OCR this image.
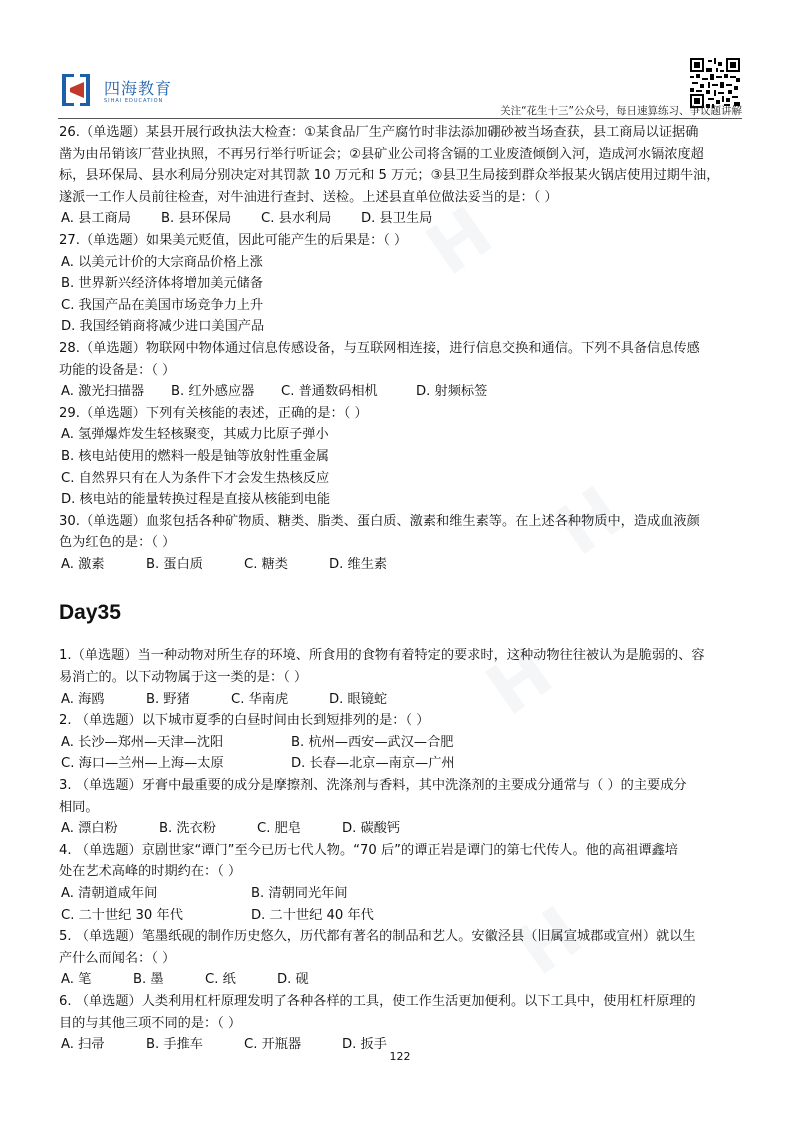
四海教育
SIHAI EDUCATION
关注“花生十三”公众号，每日速算练习、争议题讲解
H
H
H
H
26.（单选题）某县开展行政执法大检查：①某食品厂生产腐竹时非法添加硼砂被当场查获，县工商局以证据确
凿为由吊销该厂营业执照，不再另行举行听证会；②县矿业公司将含镉的工业废渣倾倒入河，造成河水镉浓度超
标，县环保局、县水利局分别决定对其罚款 10 万元和 5 万元；③县卫生局接到群众举报某火锅店使用过期牛油，
遂派一工作人员前往检查，对牛油进行查封、送检。上述县直单位做法妥当的是：（ ）
A. 县工商局	B. 县环保局	C. 县水利局	D. 县卫生局
27.（单选题）如果美元贬值，因此可能产生的后果是：（ ）
A. 以美元计价的大宗商品价格上涨
B. 世界新兴经济体将增加美元储备
C. 我国产品在美国市场竞争力上升
D. 我国经销商将减少进口美国产品
28.（单选题）物联网中物体通过信息传感设备，与互联网相连接，进行信息交换和通信。下列不具备信息传感
功能的设备是：（ ）
A. 激光扫描器	B. 红外感应器	C. 普通数码相机	D. 射频标签
29.（单选题）下列有关核能的表述，正确的是：（ ）
A. 氢弹爆炸发生轻核聚变，其威力比原子弹小
B. 核电站使用的燃料一般是铀等放射性重金属
C. 自然界只有在人为条件下才会发生热核反应
D. 核电站的能量转换过程是直接从核能到电能
30.（单选题）血浆包括各种矿物质、糖类、脂类、蛋白质、激素和维生素等。在上述各种物质中，造成血液颜
色为红色的是：（ ）
A. 激素	B. 蛋白质	C. 糖类	D. 维生素
Day35
1.（单选题）当一种动物对所生存的环境、所食用的食物有着特定的要求时，这种动物往往被认为是脆弱的、容
易消亡的。以下动物属于这一类的是：（ ）
A. 海鸥	B. 野猪	C. 华南虎	D. 眼镜蛇
2. （单选题）以下城市夏季的白昼时间由长到短排列的是：（ ）
A. 长沙—郑州—天津—沈阳	B. 杭州—西安—武汉—合肥
C. 海口—兰州—上海—太原	D. 长春—北京—南京—广州
3. （单选题）牙膏中最重要的成分是摩擦剂、洗涤剂与香料，其中洗涤剂的主要成分通常与（ ）的主要成分
相同。
A. 漂白粉	B. 洗衣粉	C. 肥皂	D. 碳酸钙
4. （单选题）京剧世家“谭门”至今已历七代人物。“70 后”的谭正岩是谭门的第七代传人。他的高祖谭鑫培
处在艺术高峰的时期约在：（ ）
A. 清朝道咸年间	B. 清朝同光年间
C. 二十世纪 30 年代	D. 二十世纪 40 年代
5. （单选题）笔墨纸砚的制作历史悠久，历代都有著名的制品和艺人。安徽泾县（旧属宣城郡或宣州）就以生
产什么而闻名：（ ）
A. 笔	B. 墨	C. 纸	D. 砚
6. （单选题）人类利用杠杆原理发明了各种各样的工具，使工作生活更加便利。以下工具中，使用杠杆原理的
目的与其他三项不同的是：（ ）
A. 扫帚	B. 手推车	C. 开瓶器	D. 扳手
122
